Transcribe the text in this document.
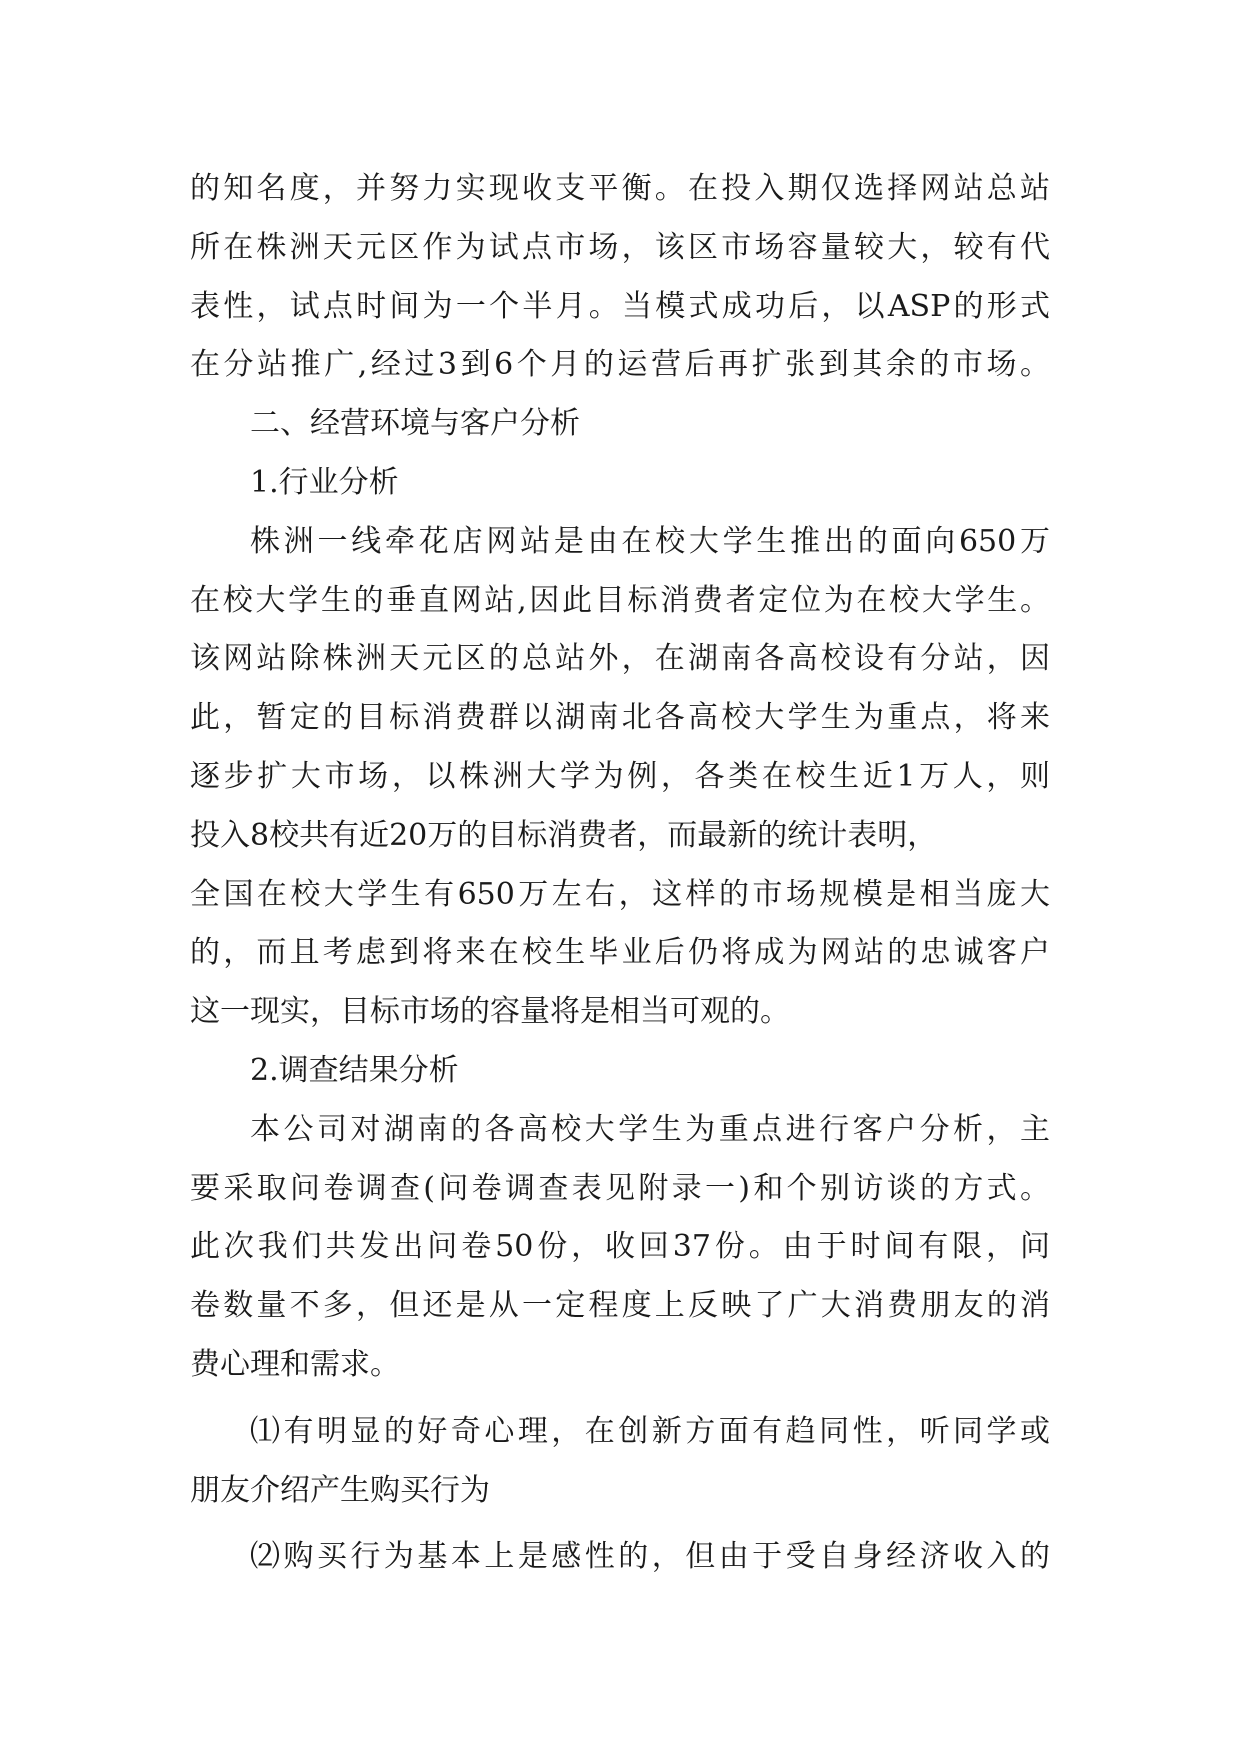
的知名度，并努力实现收支平衡。在投入期仅选择网站总站
所在株洲天元区作为试点市场，该区市场容量较大，较有代
表性，试点时间为一个半月。当模式成功后，以ASP的形式
在分站推广,经过3到6个月的运营后再扩张到其余的市场。
二、经营环境与客户分析
1.行业分析
株洲一线牵花店网站是由在校大学生推出的面向650万
在校大学生的垂直网站,因此目标消费者定位为在校大学生。
该网站除株洲天元区的总站外，在湖南各高校设有分站，因
此，暂定的目标消费群以湖南北各高校大学生为重点，将来
逐步扩大市场，以株洲大学为例，各类在校生近1万人，则
投入8校共有近20万的目标消费者，而最新的统计表明，
全国在校大学生有650万左右，这样的市场规模是相当庞大
的，而且考虑到将来在校生毕业后仍将成为网站的忠诚客户
这一现实，目标市场的容量将是相当可观的。
2.调查结果分析
本公司对湖南的各高校大学生为重点进行客户分析，主
要采取问卷调查(问卷调查表见附录一)和个别访谈的方式。
此次我们共发出问卷50份，收回37份。由于时间有限，问
卷数量不多，但还是从一定程度上反映了广大消费朋友的消
费心理和需求。
⑴有明显的好奇心理，在创新方面有趋同性，听同学或
朋友介绍产生购买行为
⑵购买行为基本上是感性的，但由于受自身经济收入的
